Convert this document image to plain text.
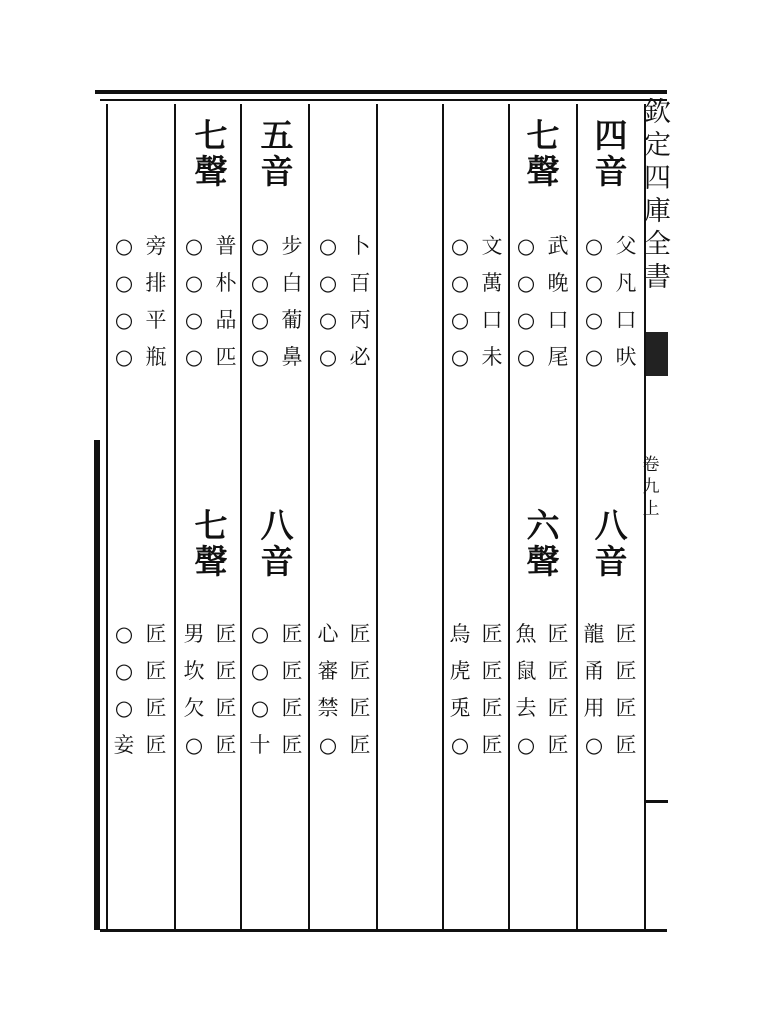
四
音
八
音
○
○
○
○
父
凡
口
吠
龍
甬
用
○
匠
匠
匠
匠
七
聲
六
聲
○
○
○
○
武
晚
口
尾
魚
鼠
去
○
匠
匠
匠
匠
○
○
○
○
文
萬
口
未
烏
虎
兎
○
匠
匠
匠
匠
○
○
○
○
卜
百
丙
必
心
審
禁
○
匠
匠
匠
匠
五
音
八
音
○
○
○
○
步
白
葡
鼻
○
○
○
十
匠
匠
匠
匠
七
聲
七
聲
○
○
○
○
普
朴
品
匹
男
坎
欠
○
匠
匠
匠
匠
○
○
○
○
旁
排
平
瓶
○
○
○
妾
匠
匠
匠
匠
欽
定
四
庫
全
書
卷
九
上
